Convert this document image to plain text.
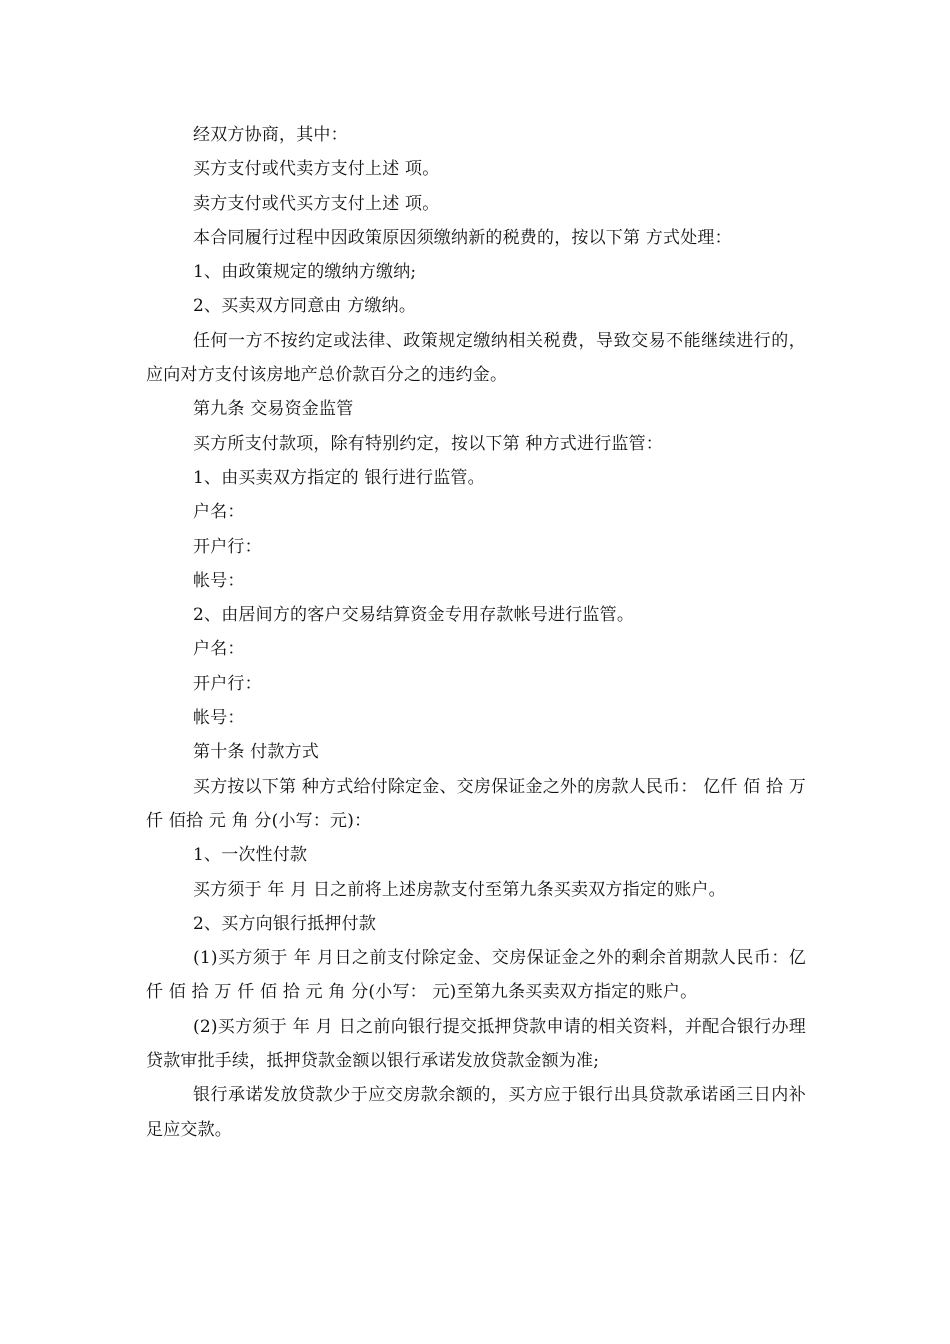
经双方协商，其中：

买方支付或代卖方支付上述 项。

卖方支付或代买方支付上述 项。

本合同履行过程中因政策原因须缴纳新的税费的，按以下第 方式处理：

1、由政策规定的缴纳方缴纳;

2、买卖双方同意由 方缴纳。

任何一方不按约定或法律、政策规定缴纳相关税费，导致交易不能继续进行的，应向对方支付该房地产总价款百分之的违约金。

第九条 交易资金监管

买方所支付款项，除有特别约定，按以下第 种方式进行监管：

1、由买卖双方指定的 银行进行监管。

户名：

开户行：

帐号：

2、由居间方的客户交易结算资金专用存款帐号进行监管。

户名：

开户行：

帐号：

第十条 付款方式

买方按以下第 种方式给付除定金、交房保证金之外的房款人民币： 亿仟 佰 拾 万 仟 佰拾 元 角 分(小写：元)：

1、一次性付款

买方须于 年 月 日之前将上述房款支付至第九条买卖双方指定的账户。

2、买方向银行抵押付款

(1)买方须于 年 月日之前支付除定金、交房保证金之外的剩余首期款人民币：亿仟 佰 拾 万 仟 佰 拾 元 角 分(小写： 元)至第九条买卖双方指定的账户。

(2)买方须于 年 月 日之前向银行提交抵押贷款申请的相关资料，并配合银行办理贷款审批手续，抵押贷款金额以银行承诺发放贷款金额为准;

银行承诺发放贷款少于应交房款余额的，买方应于银行出具贷款承诺函三日内补足应交款。
